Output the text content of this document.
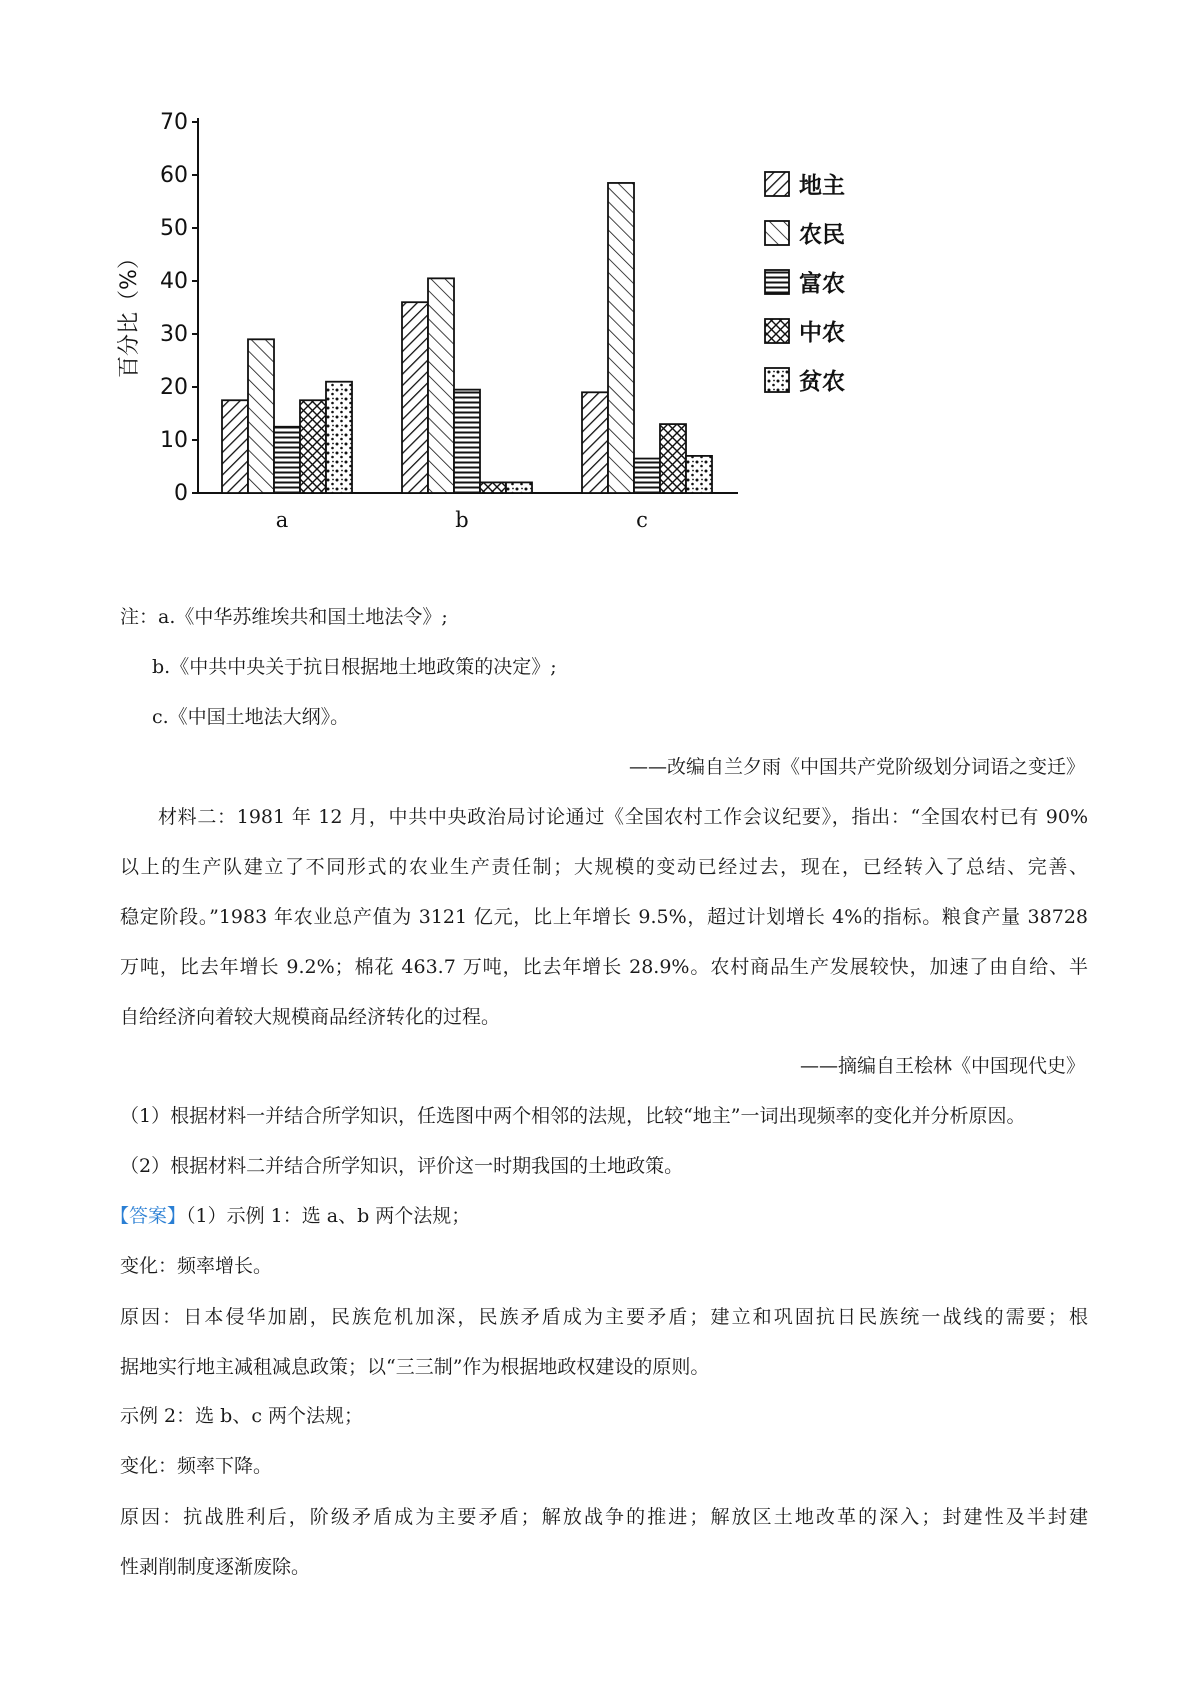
0
10
20
30
40
50
60
70
百分比（%）
a	b	c
地主
农民
富农
中农
贫农
注：a.《中华苏维埃共和国土地法令》;
b.《中共中央关于抗日根据地土地政策的决定》;
c.《中国土地法大纲》。
——改编自兰夕雨《中国共产党阶级划分词语之变迁》
材料二：1981 年 12 月，中共中央政治局讨论通过《全国农村工作会议纪要》，指出：“全国农村已有 90%
以上的生产队建立了不同形式的农业生产责任制；大规模的变动已经过去，现在，已经转入了总结、完善、
稳定阶段。”1983 年农业总产值为 3121 亿元，比上年增长 9.5%，超过计划增长 4%的指标。粮食产量 38728
万吨，比去年增长 9.2%；棉花 463.7 万吨，比去年增长 28.9%。农村商品生产发展较快，加速了由自给、半
自给经济向着较大规模商品经济转化的过程。
——摘编自王桧林《中国现代史》
（1）根据材料一并结合所学知识，任选图中两个相邻的法规，比较“地主”一词出现频率的变化并分析原因。
（2）根据材料二并结合所学知识，评价这一时期我国的土地政策。
【答案】（1）示例 1：选 a、b 两个法规；
变化：频率增长。
原因：日本侵华加剧，民族危机加深，民族矛盾成为主要矛盾；建立和巩固抗日民族统一战线的需要；根
据地实行地主减租减息政策；以“三三制”作为根据地政权建设的原则。
示例 2：选 b、c 两个法规；
变化：频率下降。
原因：抗战胜利后，阶级矛盾成为主要矛盾；解放战争的推进；解放区土地改革的深入；封建性及半封建
性剥削制度逐渐废除。
